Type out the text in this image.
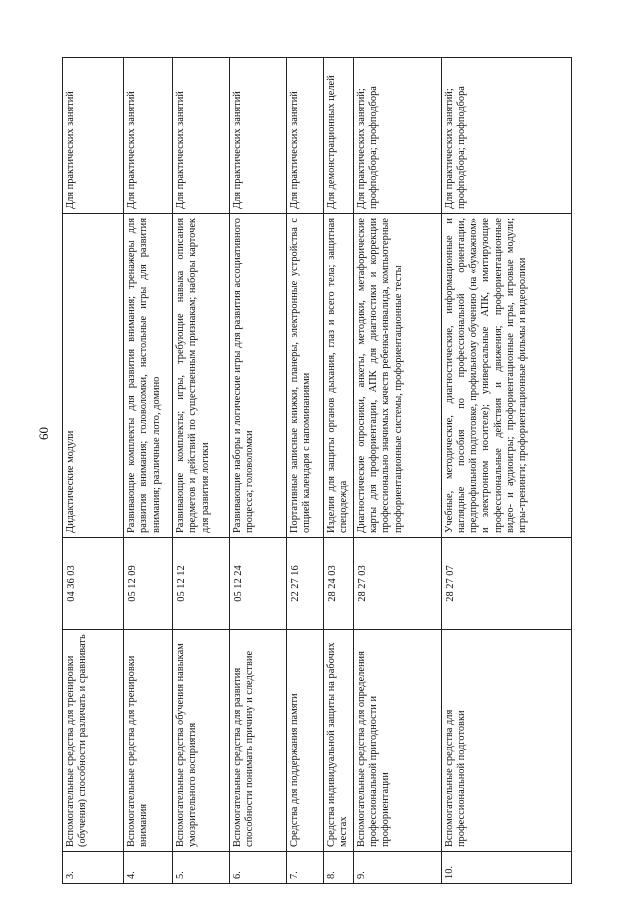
60
3.	Вспомогательные средства для тренировки (обучения) способности различать и сравнивать	04 36 03	Дидактические модули	Для практических занятий
4.	Вспомогательные средства для тренировки внимания	05 12 09	Развивающие комплекты для развития внимания; тренажеры для развития внимания; головоломки, настольные игры для развития внимания; различные лото, домино	Для практических занятий
5.	Вспомогательные средства обучения навыкам умозрительного восприятия	05 12 12	Развивающие комплекты; игры, требующие навыка описания предметов и действий по существенным признакам; наборы карточек для развития логики	Для практических занятий
6.	Вспомогательные средства для развития способности понимать причину и следствие	05 12 24	Развивающие наборы и логические игры для развития ассоциативного процесса; головоломки	Для практических занятий
7.	Средства для поддержания памяти	22 27 16	Портативные записные книжки, планеры, электронные устройства с опцией календаря с напоминаниями	Для практических занятий
8.	Средства индивидуальной защиты на рабочих местах	28 24 03	Изделия для защиты органов дыхания, глаз и всего тела; защитная спецодежда	Для демонстрационных целей
9.	Вспомогательные средства для определения профессиональной пригодности и профориентации	28 27 03	Диагностические опросники, анкеты, методики, метафорические карты для профориентации, АПК для диагностики и коррекции профессионально значимых качеств ребенка-инвалида, компьютерные профориентационные системы, профориентационные тесты	Для практических занятий; профподбора; профподбора
10.	Вспомогательные средства для профессиональной подготовки	28 27 07	Учебные, методические, диагностические, информационные и наглядные пособия по профессиональной ориентации, предпрофильной подготовке, профильному обучению (на «бумажном» и электронном носителе); универсальные АПК, имитирующие профессиональные действия и движения; профориентационные видео- и аудиоигры; профориентационные игры, игровые модули; игры-тренинги; профориентационные фильмы и видеоролики	Для практических занятий; профподбора; профподбора
